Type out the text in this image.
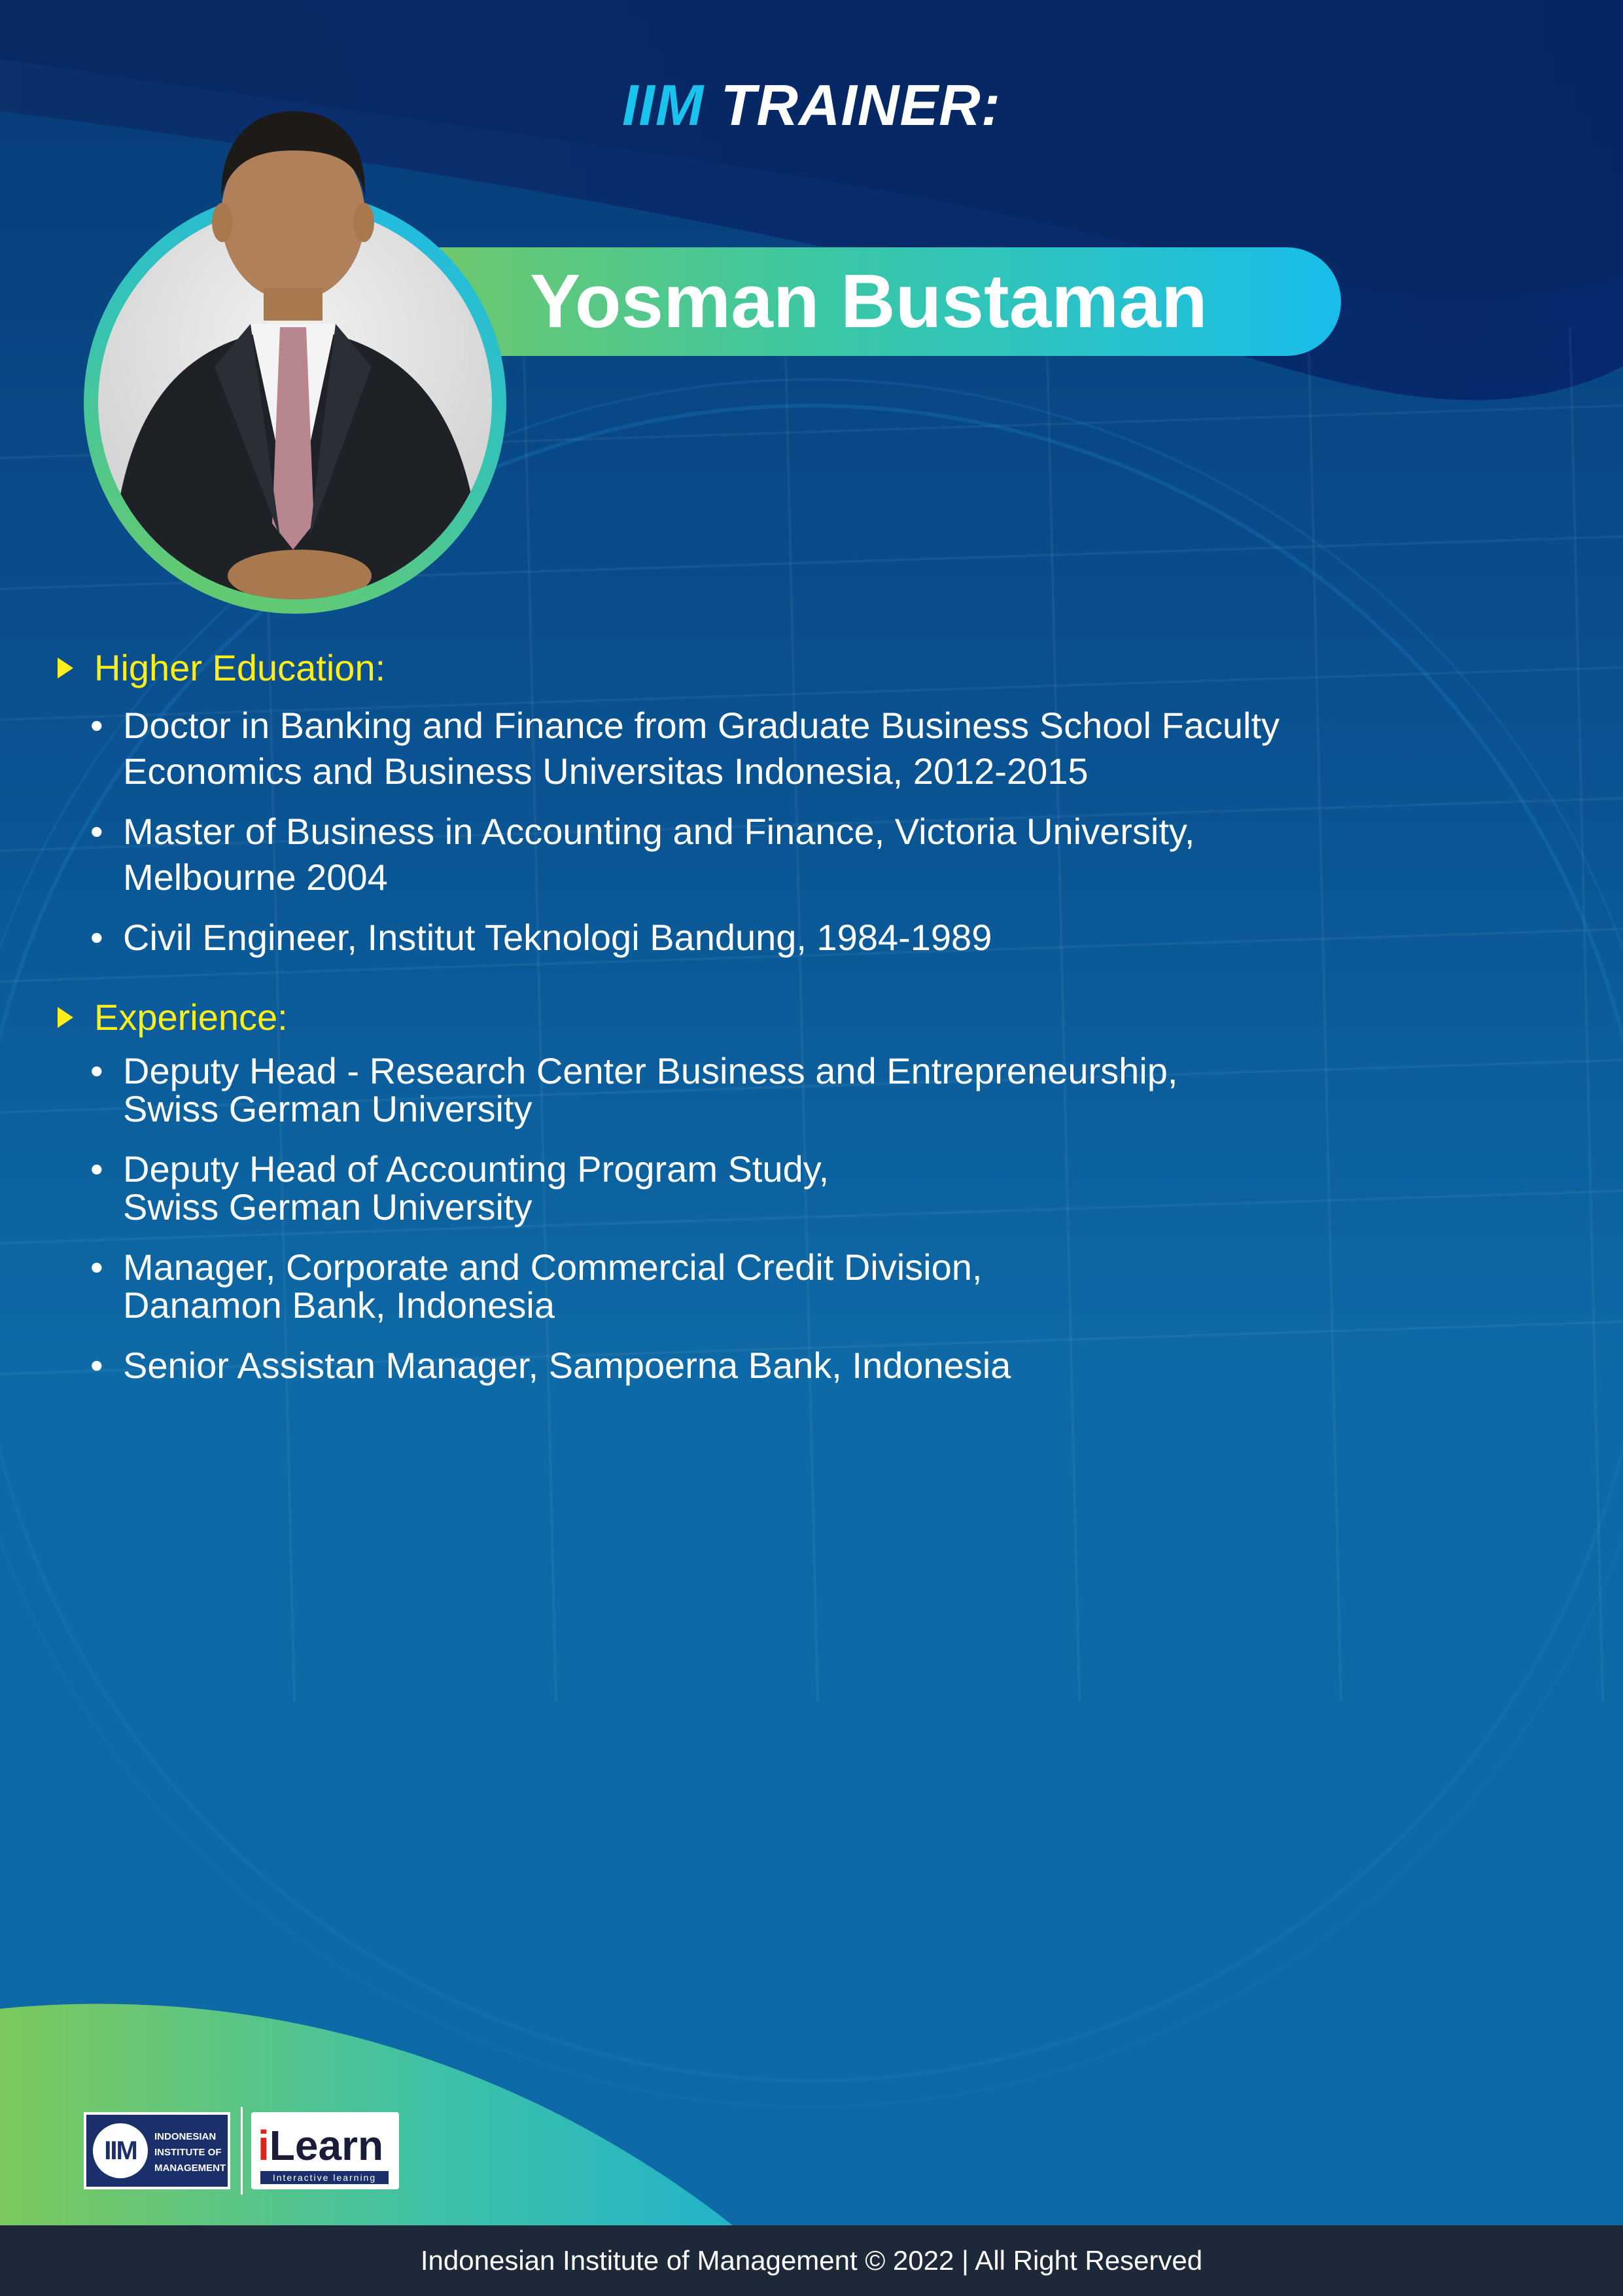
IIM TRAINER:
Yosman Bustaman
Higher Education:
• Doctor in Banking and Finance from Graduate Business School Faculty
Economics and Business Universitas Indonesia, 2012-2015
• Master of Business in Accounting and Finance, Victoria University,
Melbourne 2004
• Civil Engineer, Institut Teknologi Bandung, 1984-1989
Experience:
• Deputy Head - Research Center Business and Entrepreneurship,
Swiss German University
• Deputy Head of Accounting Program Study,
Swiss German University
• Manager, Corporate and Commercial Credit Division,
Danamon Bank, Indonesia
• Senior Assistan Manager, Sampoerna Bank, Indonesia
IIM	INDONESIAN
INSTITUTE OF
MANAGEMENT iLearn
Interactive learning
Indonesian Institute of Management © 2022 | All Right Reserved
